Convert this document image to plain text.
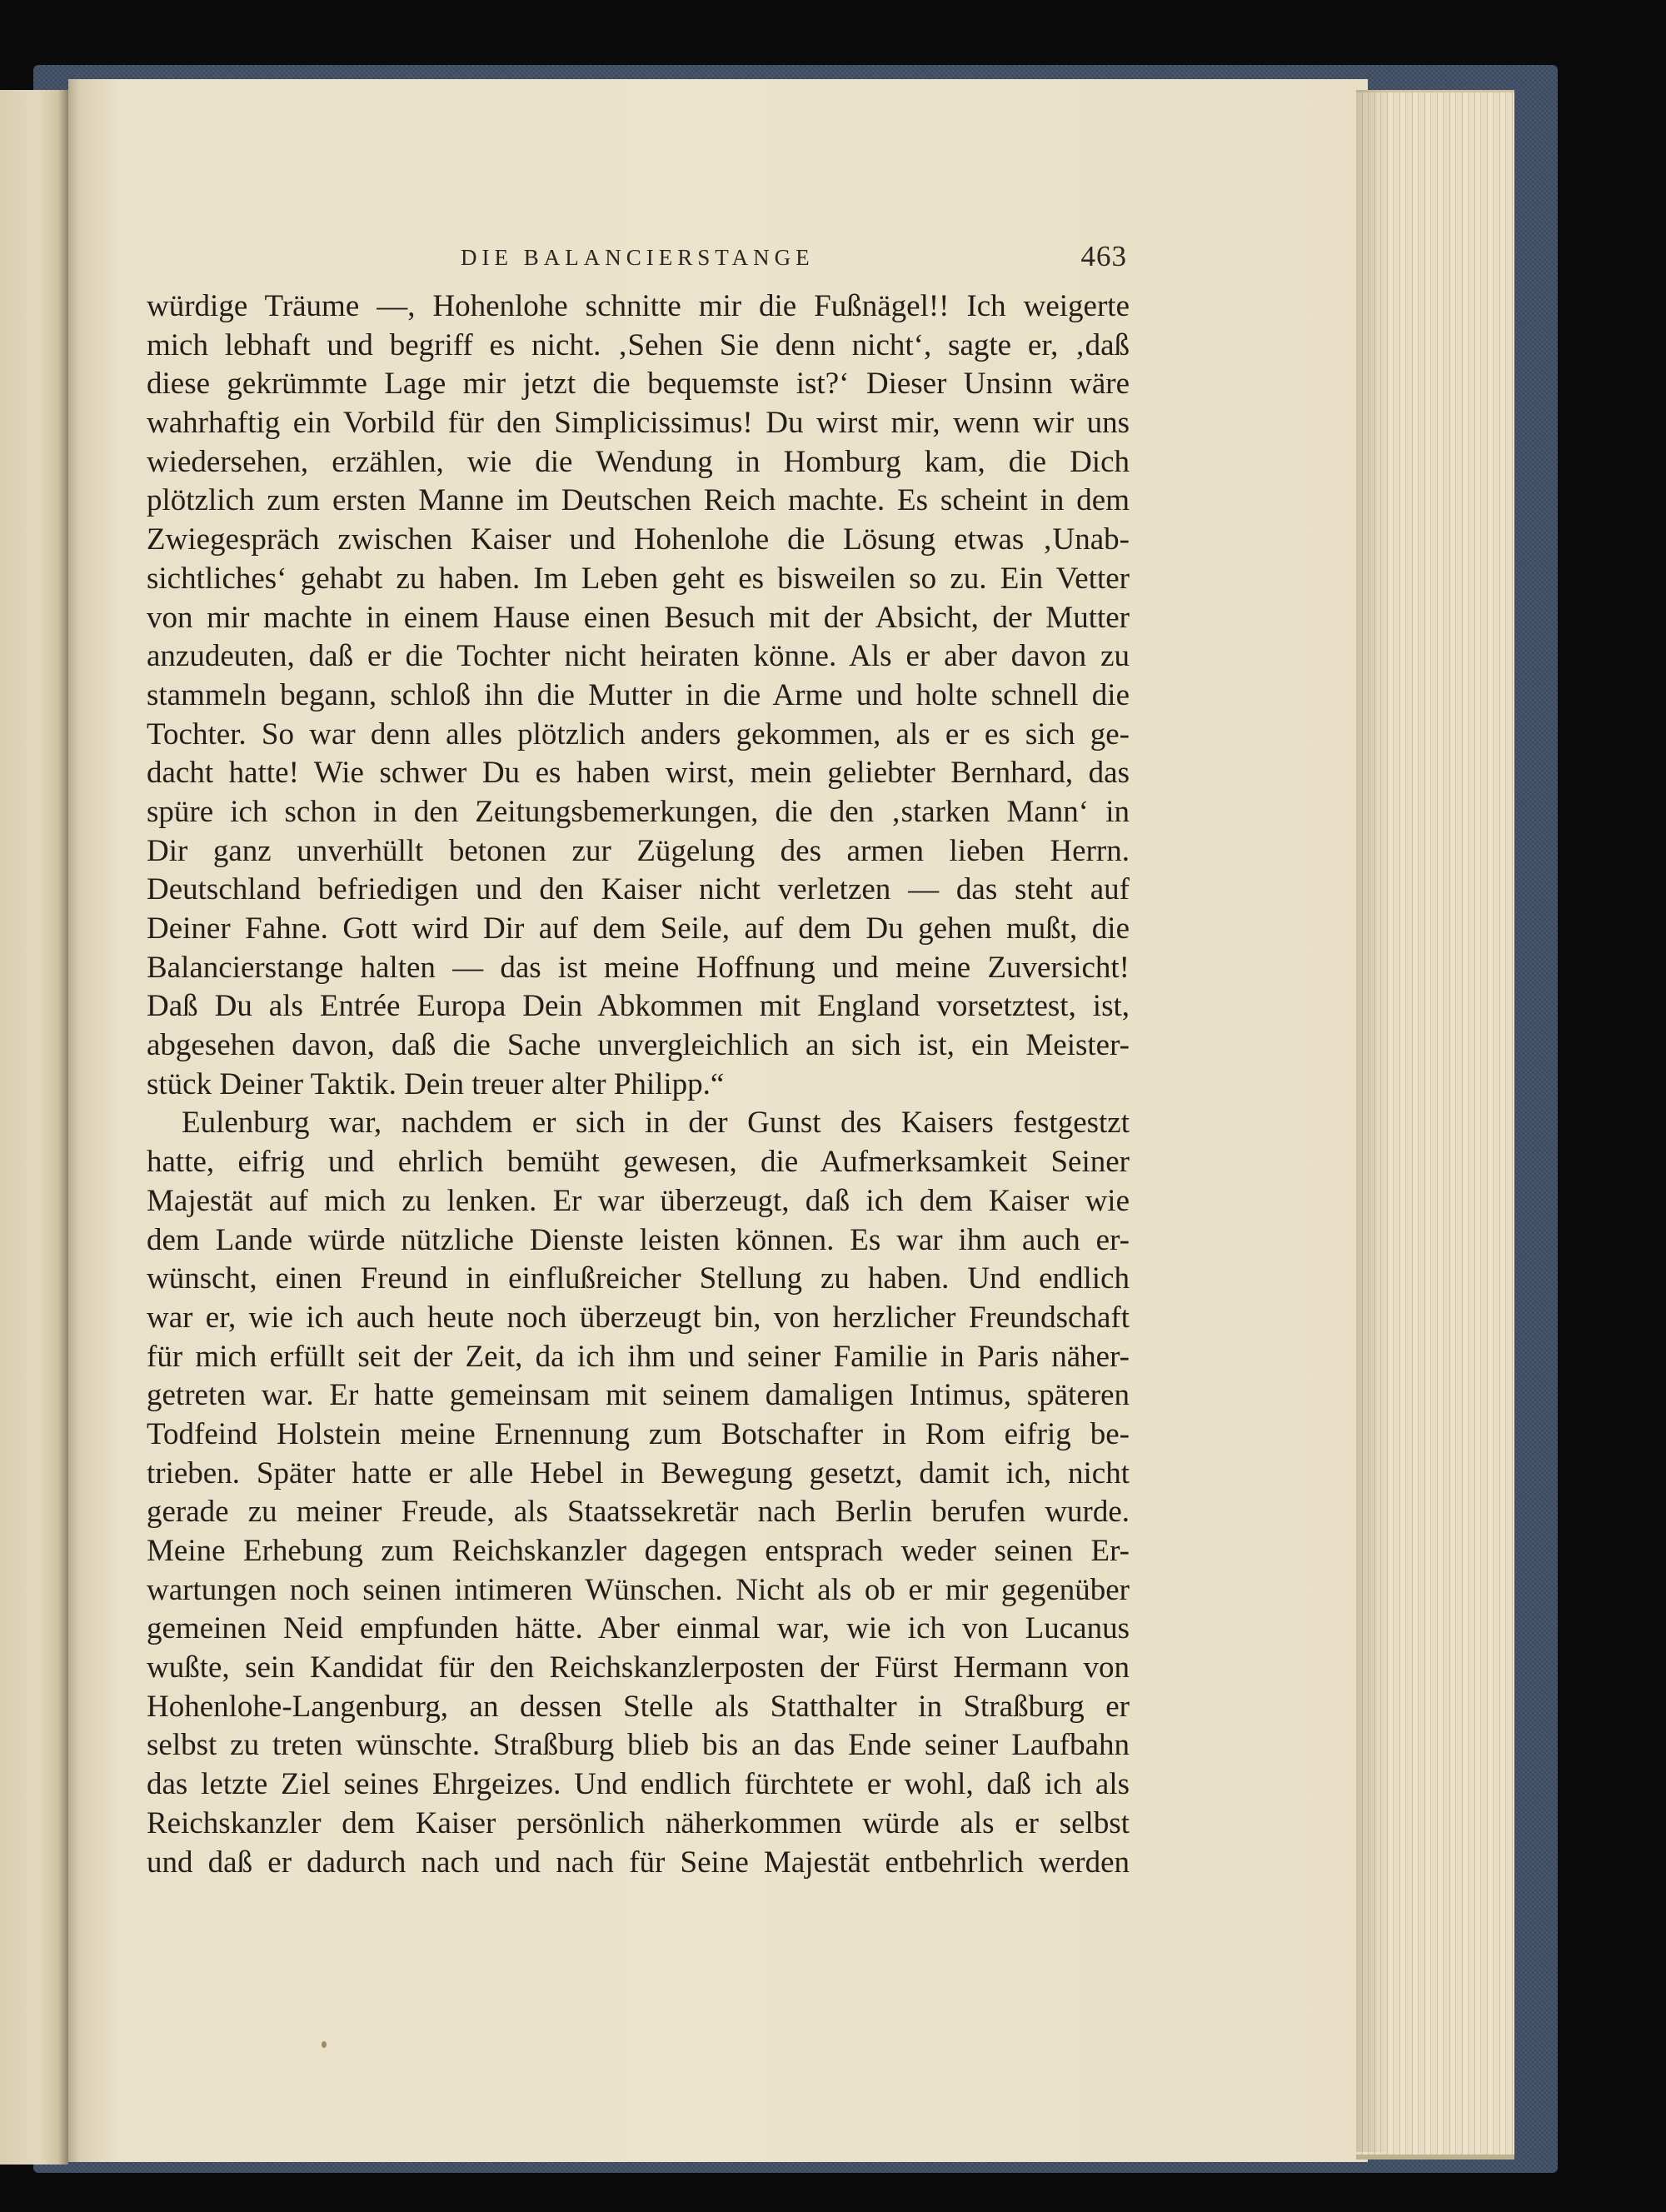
DIE BALANCIERSTANGE	463
würdige Träume —, Hohenlohe schnitte mir die Fußnägel!! Ich weigerte
mich lebhaft und begriff es nicht. ‚Sehen Sie denn nicht‘, sagte er, ‚daß
diese gekrümmte Lage mir jetzt die bequemste ist?‘ Dieser Unsinn wäre
wahrhaftig ein Vorbild für den Simplicissimus! Du wirst mir, wenn wir uns
wiedersehen, erzählen, wie die Wendung in Homburg kam, die Dich
plötzlich zum ersten Manne im Deutschen Reich machte. Es scheint in dem
Zwiegespräch zwischen Kaiser und Hohenlohe die Lösung etwas ‚Unab-
sichtliches‘ gehabt zu haben. Im Leben geht es bisweilen so zu. Ein Vetter
von mir machte in einem Hause einen Besuch mit der Absicht, der Mutter
anzudeuten, daß er die Tochter nicht heiraten könne. Als er aber davon zu
stammeln begann, schloß ihn die Mutter in die Arme und holte schnell die
Tochter. So war denn alles plötzlich anders gekommen, als er es sich ge-
dacht hatte! Wie schwer Du es haben wirst, mein geliebter Bernhard, das
spüre ich schon in den Zeitungsbemerkungen, die den ‚starken Mann‘ in
Dir ganz unverhüllt betonen zur Zügelung des armen lieben Herrn.
Deutschland befriedigen und den Kaiser nicht verletzen — das steht auf
Deiner Fahne. Gott wird Dir auf dem Seile, auf dem Du gehen mußt, die
Balancierstange halten — das ist meine Hoffnung und meine Zuversicht!
Daß Du als Entrée Europa Dein Abkommen mit England vorsetztest, ist,
abgesehen davon, daß die Sache unvergleichlich an sich ist, ein Meister-
stück Deiner Taktik. Dein treuer alter Philipp.“
Eulenburg war, nachdem er sich in der Gunst des Kaisers festgestzt
hatte, eifrig und ehrlich bemüht gewesen, die Aufmerksamkeit Seiner
Majestät auf mich zu lenken. Er war überzeugt, daß ich dem Kaiser wie
dem Lande würde nützliche Dienste leisten können. Es war ihm auch er-
wünscht, einen Freund in einflußreicher Stellung zu haben. Und endlich
war er, wie ich auch heute noch überzeugt bin, von herzlicher Freundschaft
für mich erfüllt seit der Zeit, da ich ihm und seiner Familie in Paris näher-
getreten war. Er hatte gemeinsam mit seinem damaligen Intimus, späteren
Todfeind Holstein meine Ernennung zum Botschafter in Rom eifrig be-
trieben. Später hatte er alle Hebel in Bewegung gesetzt, damit ich, nicht
gerade zu meiner Freude, als Staatssekretär nach Berlin berufen wurde.
Meine Erhebung zum Reichskanzler dagegen entsprach weder seinen Er-
wartungen noch seinen intimeren Wünschen. Nicht als ob er mir gegenüber
gemeinen Neid empfunden hätte. Aber einmal war, wie ich von Lucanus
wußte, sein Kandidat für den Reichskanzlerposten der Fürst Hermann von
Hohenlohe-Langenburg, an dessen Stelle als Statthalter in Straßburg er
selbst zu treten wünschte. Straßburg blieb bis an das Ende seiner Laufbahn
das letzte Ziel seines Ehrgeizes. Und endlich fürchtete er wohl, daß ich als
Reichskanzler dem Kaiser persönlich näherkommen würde als er selbst
und daß er dadurch nach und nach für Seine Majestät entbehrlich werden
